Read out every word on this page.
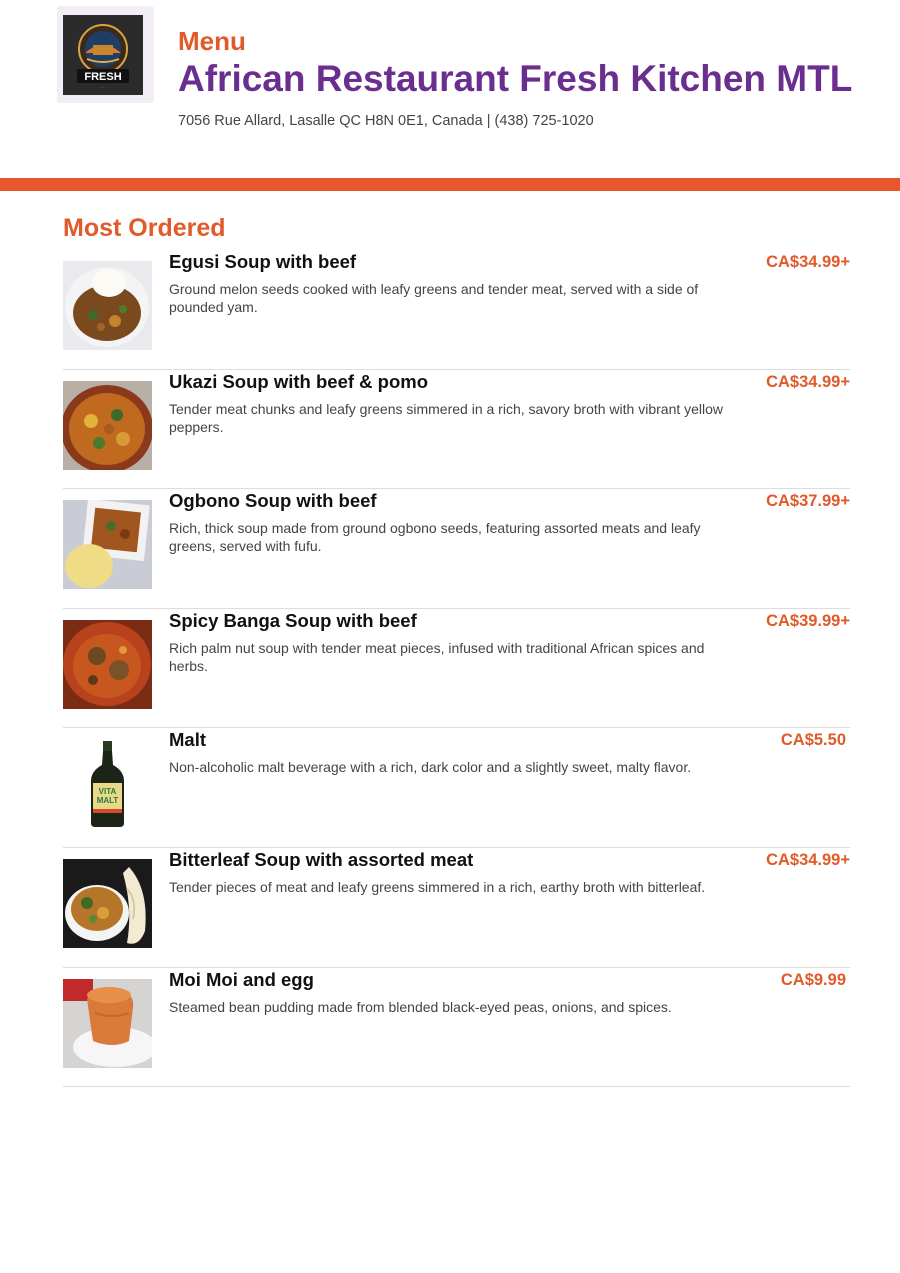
FRESH
· · ·
Menu
African Restaurant Fresh Kitchen MTL
7056 Rue Allard, Lasalle QC H8N 0E1, Canada | (438) 725-1020
Most Ordered
Egusi Soup with beef
Ground melon seeds cooked with leafy greens and tender meat, served with a side of pounded yam.
CA$34.99+
Ukazi Soup with beef & pomo
Tender meat chunks and leafy greens simmered in a rich, savory broth with vibrant yellow peppers.
CA$34.99+
Ogbono Soup with beef
Rich, thick soup made from ground ogbono seeds, featuring assorted meats and leafy greens, served with fufu.
CA$37.99+
Spicy Banga Soup with beef
Rich palm nut soup with tender meat pieces, infused with traditional African spices and herbs.
CA$39.99+
VITA
MALT
Malt
Non-alcoholic malt beverage with a rich, dark color and a slightly sweet, malty flavor.
CA$5.50
Bitterleaf Soup with assorted meat
Tender pieces of meat and leafy greens simmered in a rich, earthy broth with bitterleaf.
CA$34.99+
Moi Moi and egg
Steamed bean pudding made from blended black-eyed peas, onions, and spices.
CA$9.99
